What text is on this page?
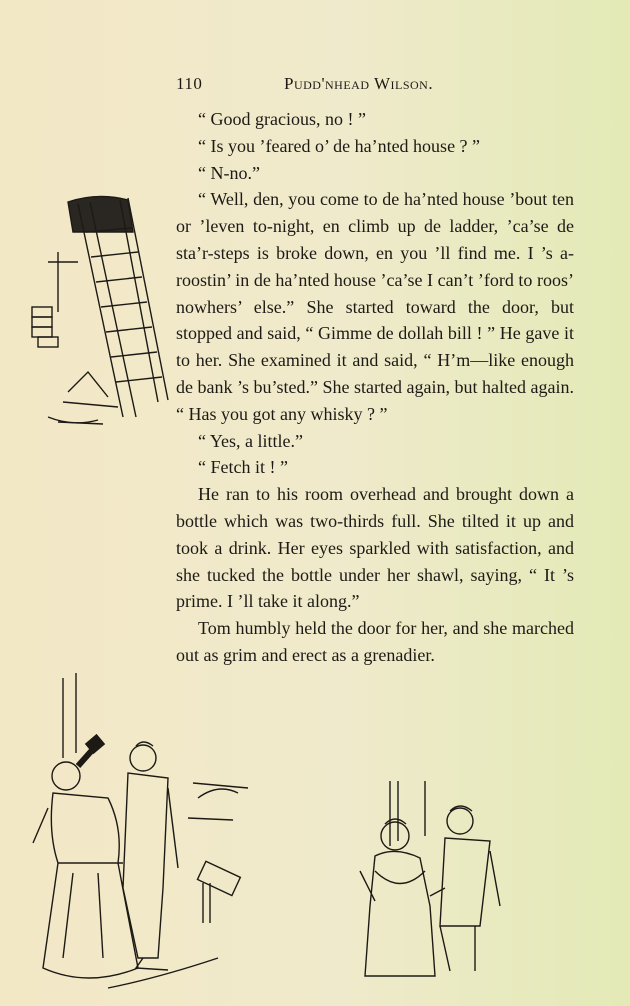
110	Pudd'nhead Wilson.

“ Good gracious, no ! ”

“ Is you ’feared o’ de ha’nted house ? ”

“ N-no.”

“ Well, den, you come to de ha’nted house ’bout ten or ’leven to-night, en climb up de ladder, ’ca’se de sta’r-steps is broke down, en you ’ll find me. I ’s a-roostin’ in de ha’nted house ’ca’se I can’t ’ford to roos’ nowhers’ else.” She started toward the door, but stopped and said, “ Gimme de dollah bill ! ” He gave it to her. She examined it and said, “ H’m—like enough de bank ’s bu’sted.” She started again, but halted again. “ Has you got any whisky ? ”

“ Yes, a little.”

“ Fetch it ! ”

He ran to his room overhead and brought down a bottle which was two-thirds full. She tilted it up and took a drink. Her eyes sparkled with satisfaction, and she tucked the bottle under her shawl, saying, “ It ’s prime. I ’ll take it along.”

Tom humbly held the door for her, and she marched out as grim and erect as a grenadier.
